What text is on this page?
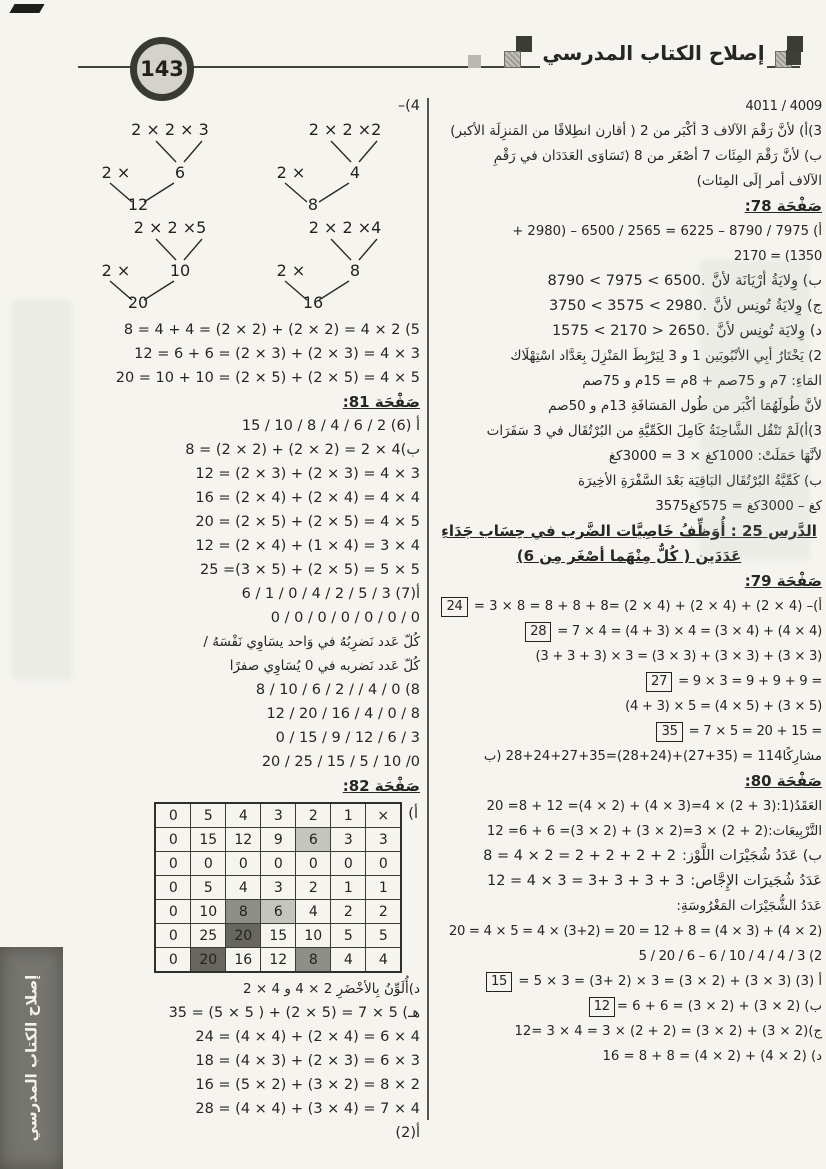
143
إصلاح الكتاب المدرسي
4011 / 4009
3)أ) لأنَّ رَقْمَ الآلاف 3 أكْبَر من 2 ( أقارن انطِلاقًا من المَنزِلَة الأكبر)
ب) لأنَّ رَقْمَ المِئَات 7 أصْغَر من 8 (تَسَاوَى العَدَدَان في رَقْمِ
الآلاف أمر إلَى المِئات)
صَفْحَة 78:
+ 2980) – 6500 / 2565 = 6225 – 8790 / 7975 (أ
2170 = (1350
ب) وِلايَةُ أرْيَانَة لأنَّ
8790 < 7975 < 6500.
ج) وِلايَةُ تُونِس لأنَّ
3750 < 3575 < 2980.
د) وِلايَة تُونِس لأنَّ
1575 < 2170 > 2650.
2) يَخْتَارُ أبِي الأنْبُوبَين 1 و 3 لِيَرْبِطَ المَنْزِلَ بِعَدَّاد اسْتِهْلَاك
المَاءِ: 7م و 75صم + 8م = 15م و 75صم
لأنَّ طُولَهُمَا أكْبَر من طُول المَسَافَةِ 13م و 50صم
3)أ)لَمْ تَنْقُل الشَّاحِنَةُ كَامِلَ الكَمِّيَّةِ من البُرْتُقَال في 3 سَفَرَات
لأنَّهَا حَمَلَتْ: 1000كغ × 3 = 3000كغ
ب) كَمِّيَّةُ البُرْتُقَال البَاقِيَة بَعْدَ السَّفْرَةِ الأخِيرَة
3575كغ – 3000كغ = 575كغ
الدَّرس 25 : أُوَظِّفُ خَاصِيَّات الضَّرب في حِسَاب جَدَاءِ
عَدَدَين ( كُلٌّ مِنْهَما أصْغَر مِن 6)
صَفْحَة 79:
24 = 3 × 8 = 8 + 8 + 8= (2 × 4) + (2 × 4) + (2 × 4) –(أ
28 = 7 × 4 = (4 + 3) × 4 = (3 × 4) + (4 × 4)
(3 + 3 + 3) × 3 = (3 × 3) + (3 × 3) + (3 × 3)
27 = 9 × 3 = 9 + 9 + 9 =
(4 + 3) × 5 = (4 × 5) + (3 × 5)
35 = 7 × 5 = 20 + 15 =
مشارِكًا114 = (35+27)+(24+28)=35+27+24+28 (ب
صَفْحَة 80:
20 =8 + 12 =(4 × 2) + (4 × 3)=4 × (2 + 3):العَقَدُ(1
12 =6 + 6 =(3 × 2) + (3 × 2)=3 × (2 + 2):التَّرْبِيعَات
ب) عَدَدُ شُجَيْرَات اللَّوْز:
8 = 4 × 2 = 2 + 2 + 2 + 2
عَدَدُ شُجَيرَات الإِجَّاص:
12 = 4 × 3 = 3+ 3 + 3 + 3
عَدَدُ الشُّجَيْرَات المَغْرُوسَةِ:
20 = 4 × 5 = 4 × (3+2) = 20 = 12 + 8 = (4 × 3) + (4 × 2)
5 / 20 / 6 – 6 / 10 / 4 / 4 / 3 (2
15 = 5 × 3 = (3+ 2) × 3 = (3 × 2) + (3 × 3) (أ (3
12 = 6 + 6 = (3 × 2) + (3 × 2) (ب
12= 3 × 4 = 3 × (2 + 2) = (3 × 2) + (3 × 2)(ج
16 = 8 + 8 = (4 × 2) + (4 × 2) (د
–(4
2 × 2 × 3
2 ×	6
12
2 × 2 ×2
2 ×	4
8
2 × 2 ×5
2 × 10
20
2 × 2 ×4
2 ×	8
16
8 = 4 + 4 = (2 × 2) + (2 × 2) = 4 × 2 (5
12 = 6 + 6 = (2 × 3) + (2 × 3) = 4 × 3
20 = 10 + 10 = (2 × 5) + (2 × 5) = 4 × 5
صَفْحَة 81:
15 / 10 / 8 / 4 / 6 / 2 (أ (6
8 = (2 × 2) + (2 × 2) = 2 × 4(ب
12 = (2 × 3) + (2 × 3) = 4 × 3
16 = (2 × 4) + (2 × 4) = 4 × 4
20 = (2 × 5) + (2 × 5) = 4 × 5
12 = (2 × 4) + (1 × 4) = 3 × 4
25 =(3 × 5) + (2 × 5) = 5 × 5
6 / 1 / 0 / 4 / 2 / 5 / 3 (أ(7
0 / 0 / 0 / 0 / 0 / 0 / 0
كُلّ عَدد نَضرِبُهُ في وَاحد يسَاوِي نَفْسَهُ /
كُلّ عَدد نَضربه في 0 يُسَاوِي صفرًا
8 / 10 / 6 / 2 / / 4 / 0 (8
12 / 20 / 16 / 4 / 0 / 8
0 / 15 / 9 / 12 / 6 / 3
20 / 25 / 15 / 5 / 10 /0
صَفْحَة 82:
(أ
0	5	4	3	2	1	×
0	15	12	9	6	3	3
0	0	0	0	0	0	0
0	5	4	3	2	1	1
0	10	8	6	4	2	2
0	25	20	15	10	5	5
0	20	16	12	8	4	4
د)أُلَوِّنُ بِالأخْضَرِ 2 × 4 و 4 × 2
35 = (5 × 5 ) + (2 × 5) = 7 × 5 (هـ
24 = (4 × 4) + (2 × 4) = 6 × 4
18 = (4 × 3) + (2 × 3) = 6 × 3
16 = (5 × 2) + (3 × 2) = 8 × 2
28 = (4 × 4) + (3 × 4) = 7 × 4
(أ(2
إصلاح الكتاب المدرسي
